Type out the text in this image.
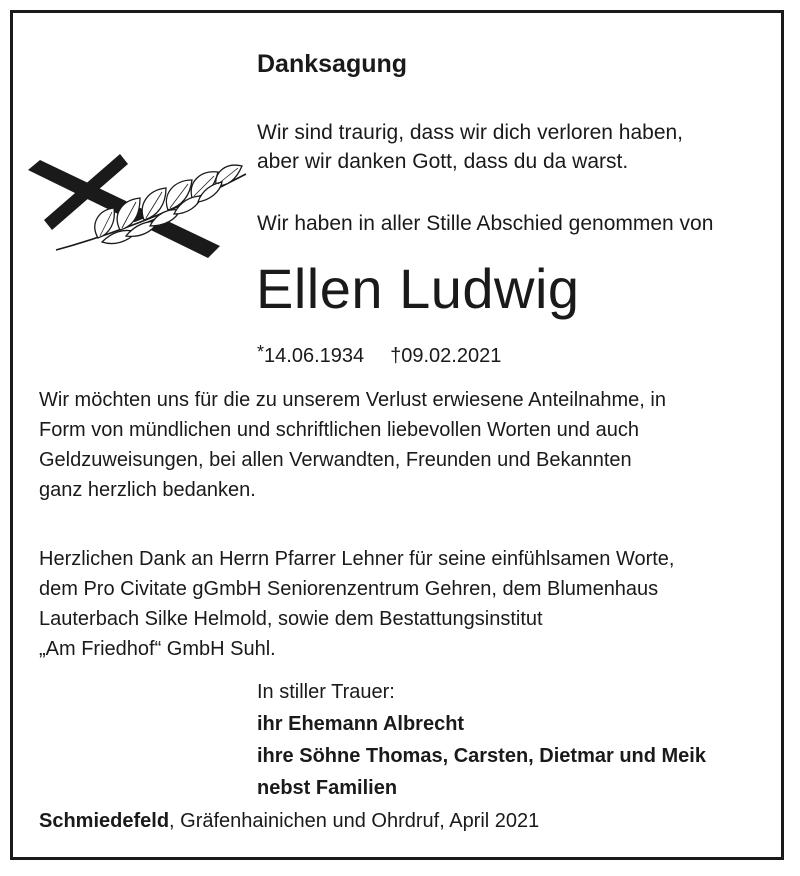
Danksagung
Wir sind traurig, dass wir dich verloren haben,
aber wir danken Gott, dass du da warst.
Wir haben in aller Stille Abschied genommen von
Ellen Ludwig
*14.06.1934 †09.02.2021
Wir möchten uns für die zu unserem Verlust erwiesene Anteilnahme, in
Form von mündlichen und schriftlichen liebevollen Worten und auch
Geldzuweisungen, bei allen Verwandten, Freunden und Bekannten
ganz herzlich bedanken.
Herzlichen Dank an Herrn Pfarrer Lehner für seine einfühlsamen Worte,
dem Pro Civitate gGmbH Seniorenzentrum Gehren, dem Blumenhaus
Lauterbach Silke Helmold, sowie dem Bestattungsinstitut
„Am Friedhof“ GmbH Suhl.
In stiller Trauer:
ihr Ehemann Albrecht
ihre Söhne Thomas, Carsten, Dietmar und Meik
nebst Familien
Schmiedefeld, Gräfenhainichen und Ohrdruf, April 2021
